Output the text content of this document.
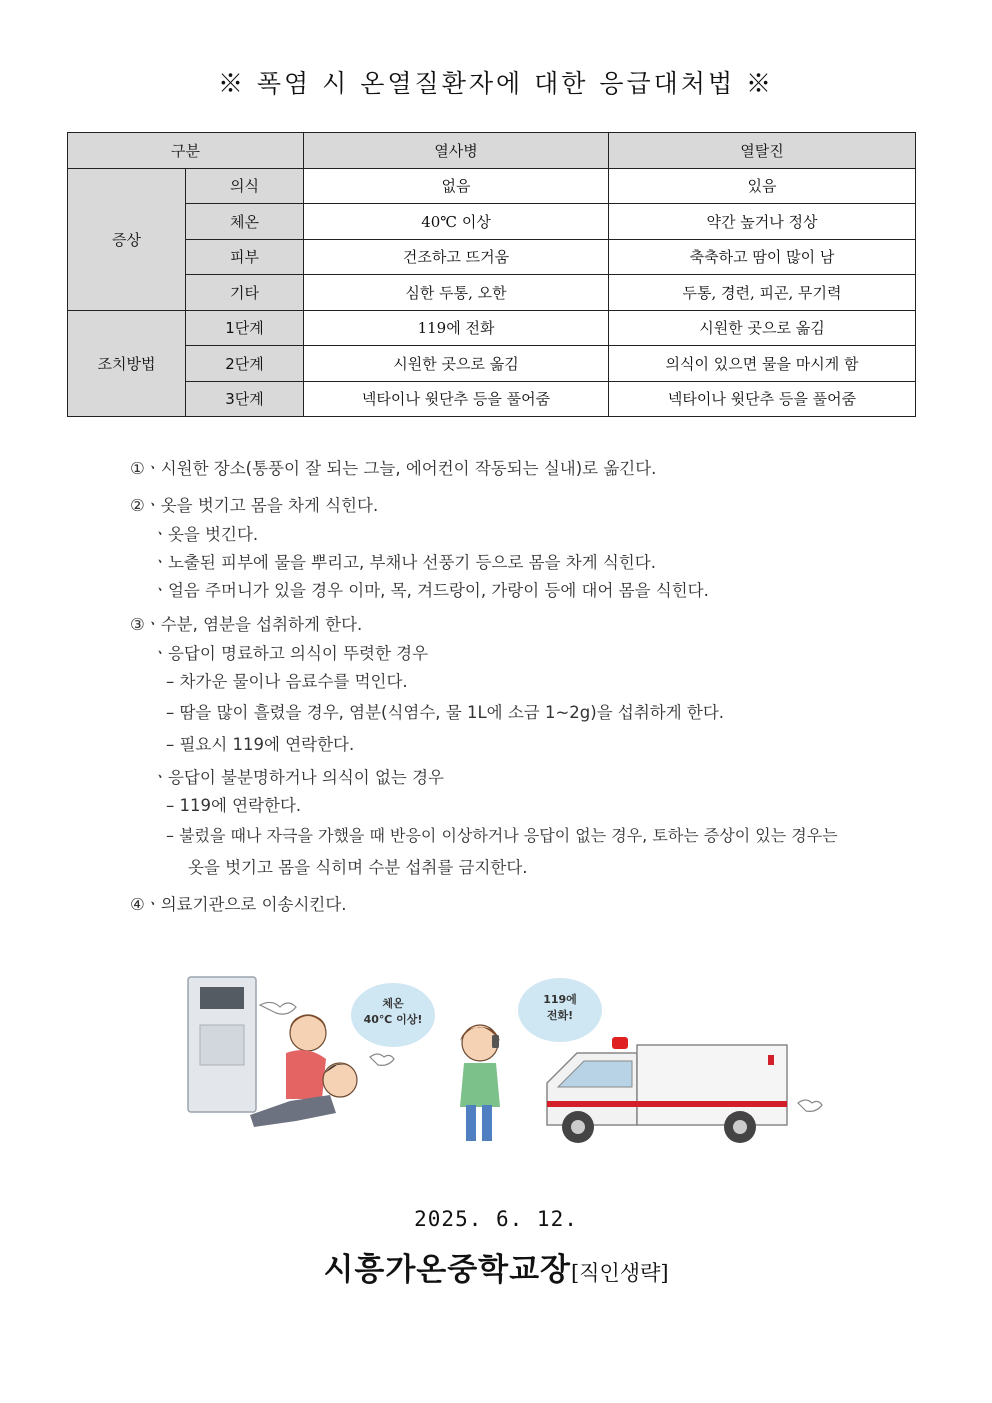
※ 폭염 시 온열질환자에 대한 응급대처법 ※
구분		열사병	열탈진
증상	의식	없음	있음
	체온	40℃ 이상	약간 높거나 정상
	피부	건조하고 뜨거움	축축하고 땀이 많이 남
	기타	심한 두통, 오한	두통, 경련, 피곤, 무기력
조치방법	1단계	119에 전화	시원한 곳으로 옮김
	2단계	시원한 곳으로 옮김	의식이 있으면 물을 마시게 함
	3단계	넥타이나 윗단추 등을 풀어줌	넥타이나 윗단추 등을 풀어줌
①ㆍ시원한 장소(통풍이 잘 되는 그늘, 에어컨이 작동되는 실내)로 옮긴다.
②ㆍ옷을 벗기고 몸을 차게 식힌다.
ㆍ옷을 벗긴다.
ㆍ노출된 피부에 물을 뿌리고, 부채나 선풍기 등으로 몸을 차게 식힌다.
ㆍ얼음 주머니가 있을 경우 이마, 목, 겨드랑이, 가랑이 등에 대어 몸을 식힌다.
③ㆍ수분, 염분을 섭취하게 한다.
ㆍ응답이 명료하고 의식이 뚜렷한 경우
– 차가운 물이나 음료수를 먹인다.
– 땀을 많이 흘렸을 경우, 염분(식염수, 물 1L에 소금 1~2g)을 섭취하게 한다.
– 필요시 119에 연락한다.
ㆍ응답이 불분명하거나 의식이 없는 경우
– 119에 연락한다.
– 불렀을 때나 자극을 가했을 때 반응이 이상하거나 응답이 없는 경우, 토하는 증상이 있는 경우는
옷을 벗기고 몸을 식히며 수분 섭취를 금지한다.
④ㆍ의료기관으로 이송시킨다.
체온
40℃ 이상!
119에
전화!
2025. 6. 12.
시흥가온중학교장[직인생략]
